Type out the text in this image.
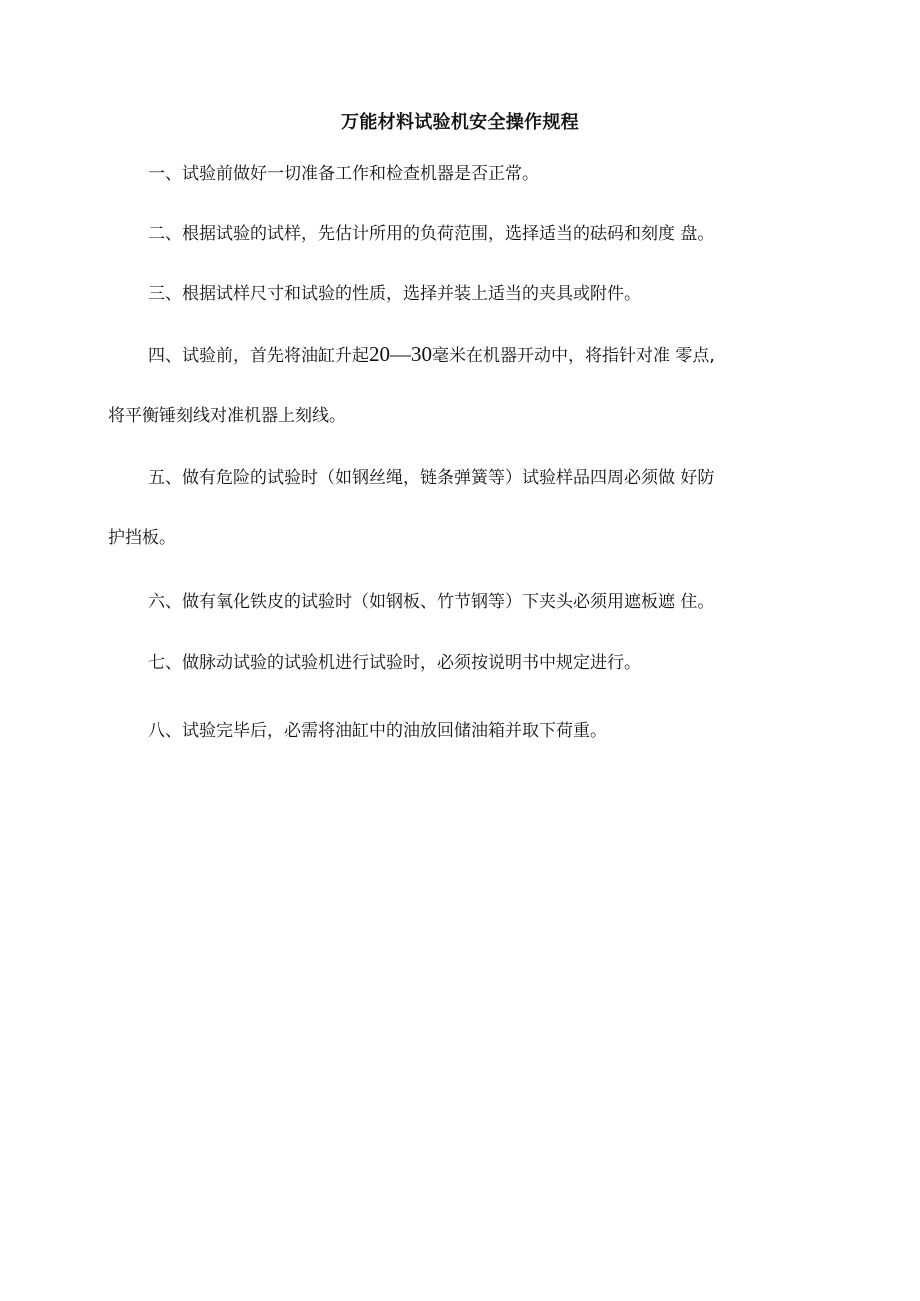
万能材料试验机安全操作规程
一、试验前做好一切准备工作和检查机器是否正常。
二、根据试验的试样，先估计所用的负荷范围，选择适当的砝码和刻度 盘。
三、根据试样尺寸和试验的性质，选择并装上适当的夹具或附件。
四、试验前，首先将油缸升起20—30毫米在机器开动中，将指针对准 零点,
将平衡锤刻线对准机器上刻线。
五、做有危险的试验时（如钢丝绳，链条弹簧等）试验样品四周必须做 好防
护挡板。
六、做有氧化铁皮的试验时（如钢板、竹节钢等）下夹头必须用遮板遮 住。
七、做脉动试验的试验机进行试验时，必须按说明书中规定进行。
八、试验完毕后，必需将油缸中的油放回储油箱并取下荷重。
